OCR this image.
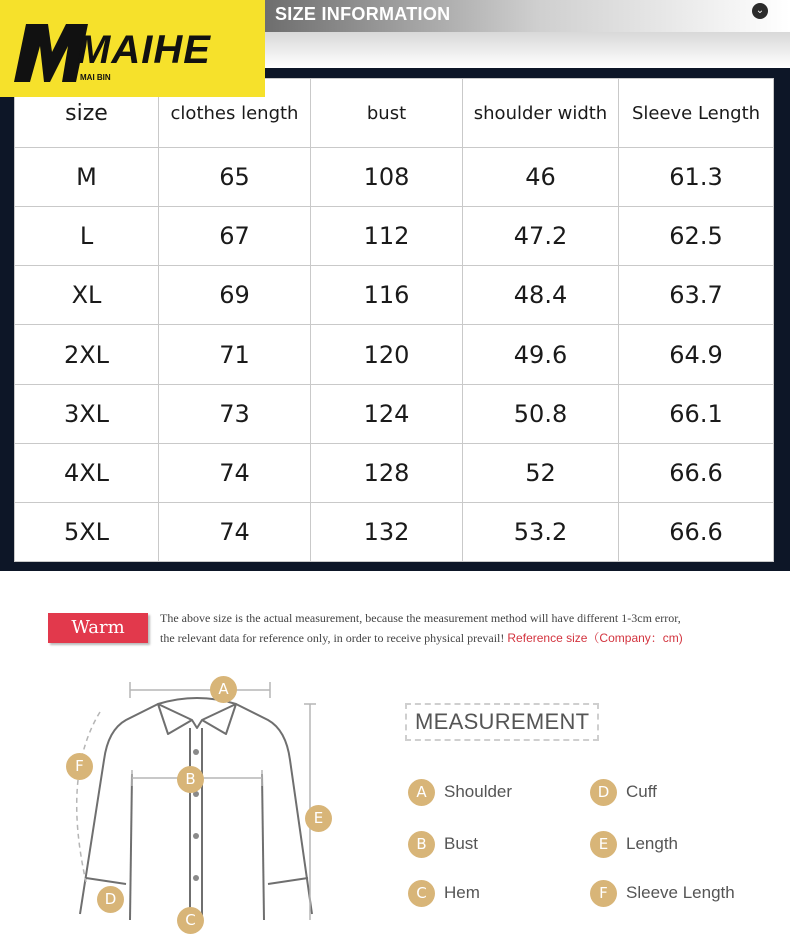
SIZE INFORMATION	⌄
MAIHE
MAI BIN
size	clothes length	bust	shoulder width	Sleeve Length
M	65	108	46	61.3
L	67	112	47.2	62.5
XL	69	116	48.4	63.7
2XL	71	120	49.6	64.9
3XL	73	124	50.8	66.1
4XL	74	128	52	66.6
5XL	74	132	53.2	66.6
Warm Tips:
The above size is the actual measurement, because the measurement method will have different 1-3cm error,
the relevant data for reference only, in order to receive physical prevail! Reference size（Company：cm)
A
B
C
D
E
F
MEASUREMENT
A	Shoulder
B	Bust
C	Hem
D Cuff
E	Length
F	Sleeve Length
